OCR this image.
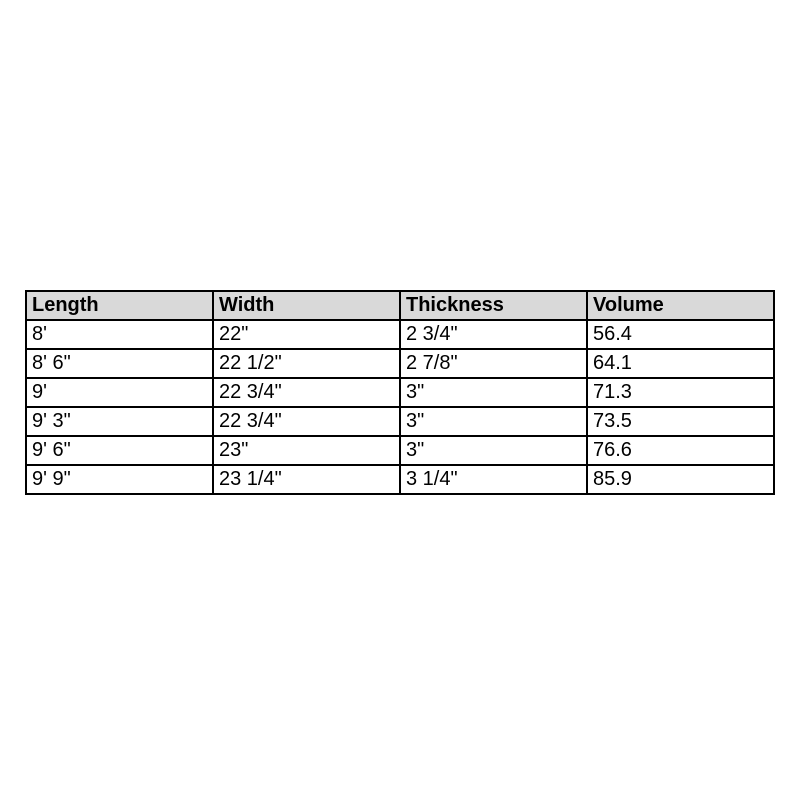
Length	Width	Thickness	Volume
8'	22"	2 3/4"	56.4
8' 6"	22 1/2"	2 7/8"	64.1
9'	22 3/4"	3"	71.3
9' 3"	22 3/4"	3"	73.5
9' 6"	23"	3"	76.6
9' 9"	23 1/4"	3 1/4"	85.9
